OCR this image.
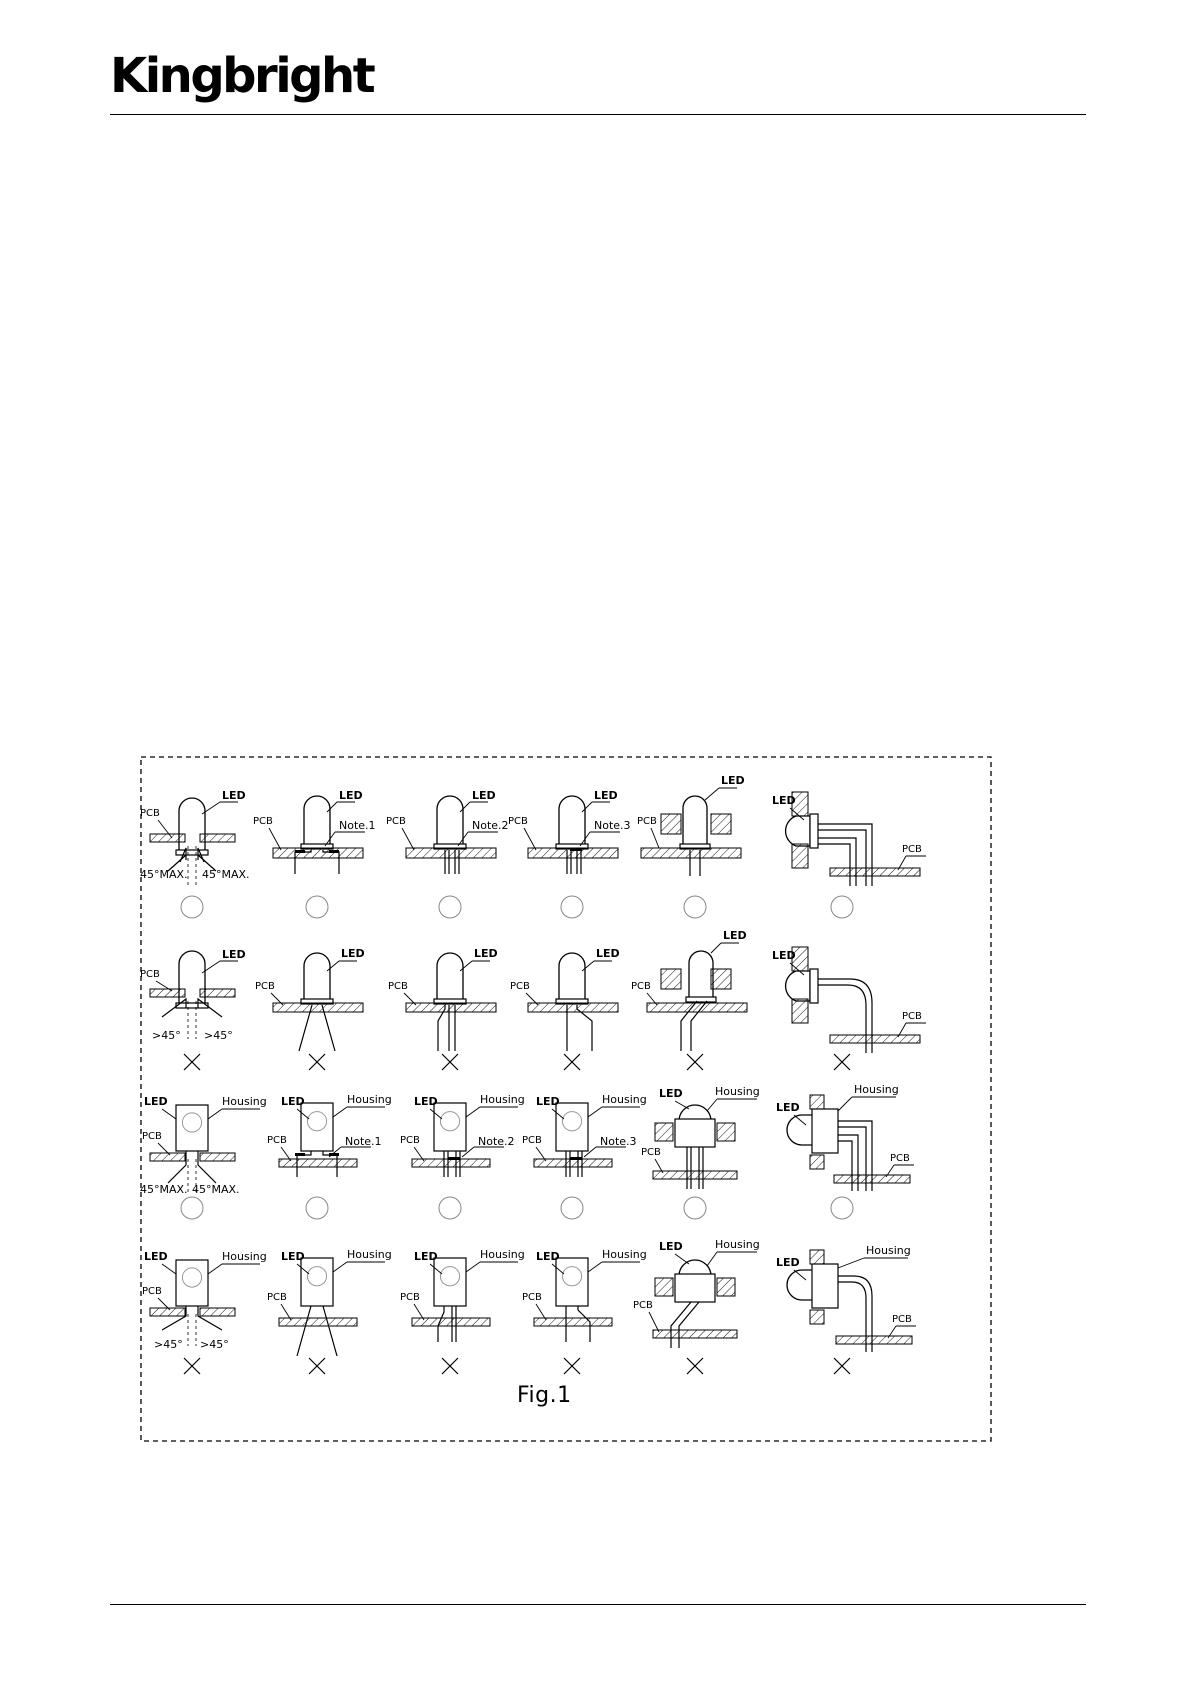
Kingbright
45°MAX. 45°MAX.
PCB
LED
PCB
LED
Note.1 PCB
LED
Note.2 PCB
LED
Note.3 PCB
LED
LED
PCB
>45° >45°
PCB
LED
PCB
LED
PCB
LED
PCB
LED
PCB
LED
LED
PCB
45°MAX. 45°MAX.
PCB
LED	Housing
PCB
LED	Housing
Note.1 PCB
LED	Housing
Note.2 PCB
LED	Housing
Note.3
PCB
LED	Housing
LED
Housing
PCB
>45° >45°
PCB
LED	Housing
PCB
LED	Housing
PCB
LED	Housing
PCB
LED	Housing
PCB
LED	Housing
LED
Housing
PCB
Fig.1
